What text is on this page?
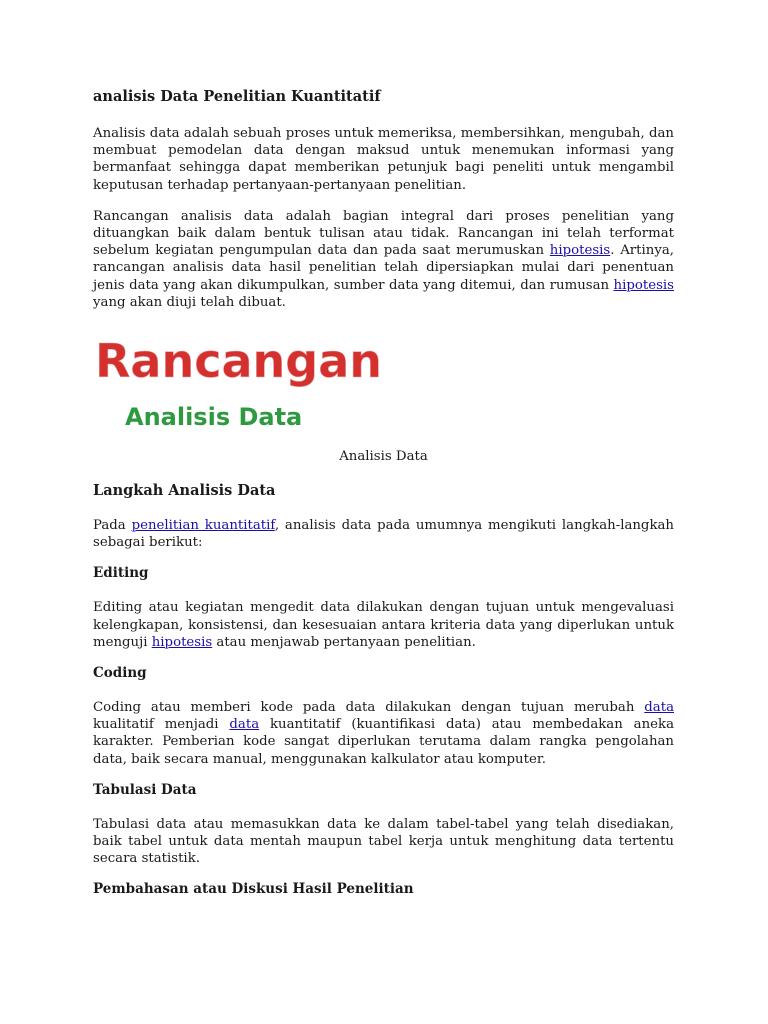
analisis Data Penelitian Kuantitatif

Analisis data adalah sebuah proses untuk memeriksa, membersihkan, mengubah, dan membuat pemodelan data dengan maksud untuk menemukan informasi yang bermanfaat sehingga dapat memberikan petunjuk bagi peneliti untuk mengambil keputusan terhadap pertanyaan-pertanyaan penelitian.

Rancangan analisis data adalah bagian integral dari proses penelitian yang dituangkan baik dalam bentuk tulisan atau tidak. Rancangan ini telah terformat sebelum kegiatan pengumpulan data dan pada saat merumuskan hipotesis. Artinya, rancangan analisis data hasil penelitian telah dipersiapkan mulai dari penentuan jenis data yang akan dikumpulkan, sumber data yang ditemui, dan rumusan hipotesis yang akan diuji telah dibuat.

Rancangan
Analisis Data
Analisis Data
Langkah Analisis Data

Pada penelitian kuantitatif, analisis data pada umumnya mengikuti langkah-langkah sebagai berikut:

Editing

Editing atau kegiatan mengedit data dilakukan dengan tujuan untuk mengevaluasi kelengkapan, konsistensi, dan kesesuaian antara kriteria data yang diperlukan untuk menguji hipotesis atau menjawab pertanyaan penelitian.

Coding

Coding atau memberi kode pada data dilakukan dengan tujuan merubah data kualitatif menjadi data kuantitatif (kuantifikasi data) atau membedakan aneka karakter. Pemberian kode sangat diperlukan terutama dalam rangka pengolahan data, baik secara manual, menggunakan kalkulator atau komputer.

Tabulasi Data

Tabulasi data atau memasukkan data ke dalam tabel-tabel yang telah disediakan, baik tabel untuk data mentah maupun tabel kerja untuk menghitung data tertentu secara statistik.

Pembahasan atau Diskusi Hasil Penelitian
